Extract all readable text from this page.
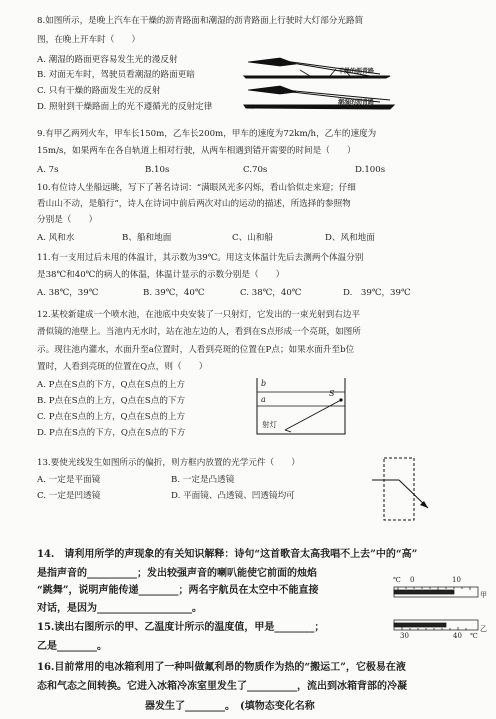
8.如图所示，是晚上汽车在干燥的沥青路面和潮湿的沥青路面上行驶时大灯部分光路简
图，在晚上开车时（　　）
A. 潮湿的路面更容易发生光的漫反射
B. 对面无车时，驾驶员看潮湿的路面更暗
C. 只有干燥的路面发生光的反射
D. 照射到干燥路面上的光不遵循光的反射定律
干燥的沥青路
潮湿的沥青路
9.有甲乙两列火车，甲车长150m，乙车长200m，甲车的速度为72km/h，乙车的速度为
15m/s，如果两车在各自轨道上相对行驶，从两车相遇到错开需要的时间是（　　）
A. 7s	B.10s	C.70s	D.100s
10.有位诗人坐船远眺，写下了著名诗词：“满眼风光多闪烁，看山恰似走来迎；仔细
看山山不动，是船行”，诗人在诗词中前后两次对山的运动的描述，所选择的参照物
分别是（　　）
A. 风和水	B、船和地面	C、山和船	D、风和地面
11.有一支用过后未甩的体温计，其示数为39℃。用这支体温计先后去测两个体温分别
是38℃和40℃的病人的体温，体温计显示的示数分别是（　　）
A. 38℃，39℃	B. 39℃，40℃	C. 38℃，40℃	D.　39℃，39℃
12.某校新建成一个喷水池，在池底中央安装了一只射灯，它发出的一束光射到右边平
滑似镜的池壁上。当池内无水时，站在池左边的人，看到在S点形成一个亮斑，如图所
示。现往池内灌水，水面升至a位置时，人看到亮斑的位置在P点；如果水面升至b位
置时，人看到亮斑的位置在Q点，则（　　）
A. P点在S点的下方，Q点在S点的上方
B. P点在S点的上方，Q点在S点的下方
C. P点在S点的上方，Q点在S点的上方
D. P点在S点的下方，Q点在S点的下方
b
a
S
射灯
13.要使光线发生如图所示的偏折，则方框内放置的光学元件（　　）
A. 一定是平面镜	B. 一定是凸透镜
C. 一定是凹透镜	D. 平面镜、凸透镜、凹透镜均可
14.　请利用所学的声现象的有关知识解释：诗句“这首歌音太高我唱不上去”中的“高”
是指声音的__________；发出较强声音的喇叭能使它前面的烛焰
“跳舞”，说明声能传递________；两名宇航员在太空中不能直接
对话，是因为___________________。
15.读出右图所示的甲、乙温度计所示的温度值，甲是________；
乙是________。
℃ 0	10
甲
30	40 ℃
乙
16.目前常用的电冰箱利用了一种叫做氟利昂的物质作为热的“搬运工”，它极易在液
态和气态之间转换。它进入冰箱冷冻室里发生了__________，流出到冰箱背部的冷凝
器发生了________。　(填物态变化名称
